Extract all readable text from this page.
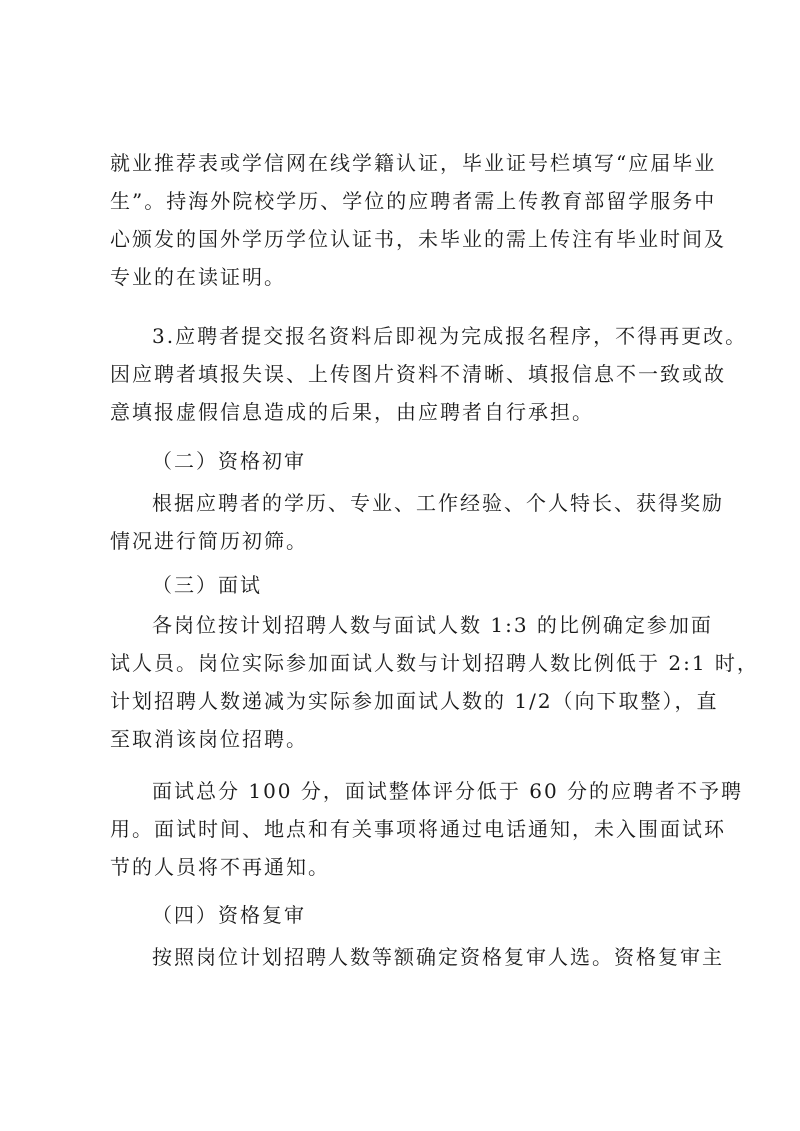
就业推荐表或学信网在线学籍认证，毕业证号栏填写“应届毕业
生”。持海外院校学历、学位的应聘者需上传教育部留学服务中
心颁发的国外学历学位认证书，未毕业的需上传注有毕业时间及
专业的在读证明。
3.应聘者提交报名资料后即视为完成报名程序，不得再更改。
因应聘者填报失误、上传图片资料不清晰、填报信息不一致或故
意填报虚假信息造成的后果，由应聘者自行承担。
（二）资格初审
根据应聘者的学历、专业、工作经验、个人特长、获得奖励
情况进行简历初筛。
（三）面试
各岗位按计划招聘人数与面试人数 1:3 的比例确定参加面
试人员。岗位实际参加面试人数与计划招聘人数比例低于 2:1 时，
计划招聘人数递减为实际参加面试人数的 1/2（向下取整），直
至取消该岗位招聘。
面试总分 100 分，面试整体评分低于 60 分的应聘者不予聘
用。面试时间、地点和有关事项将通过电话通知，未入围面试环
节的人员将不再通知。
（四）资格复审
按照岗位计划招聘人数等额确定资格复审人选。资格复审主
